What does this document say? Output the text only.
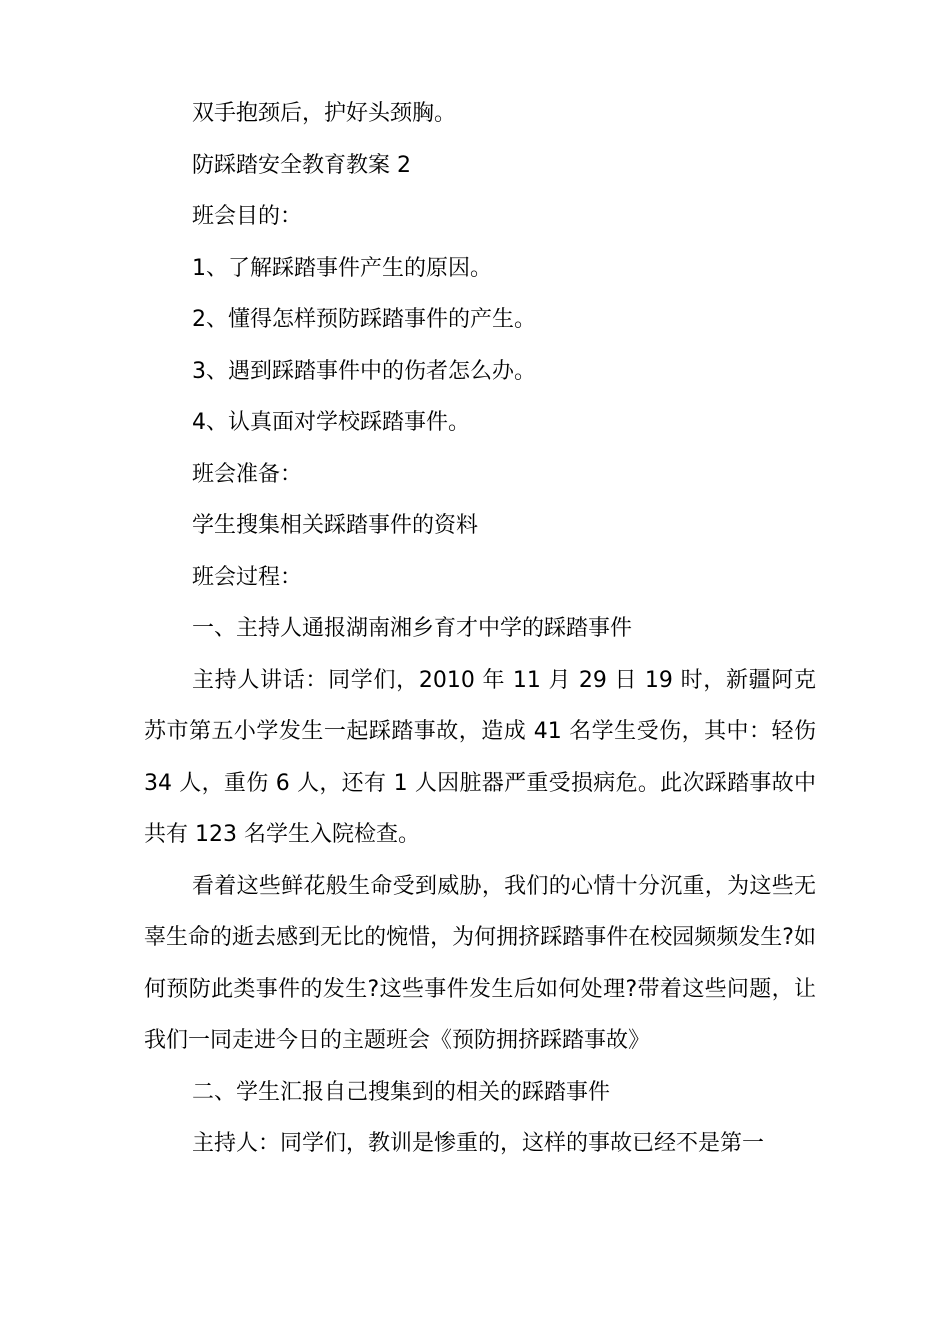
双手抱颈后，护好头颈胸。

防踩踏安全教育教案 2

班会目的：

1、了解踩踏事件产生的原因。

2、懂得怎样预防踩踏事件的产生。

3、遇到踩踏事件中的伤者怎么办。

4、认真面对学校踩踏事件。

班会准备：

学生搜集相关踩踏事件的资料

班会过程：

一、主持人通报湖南湘乡育才中学的踩踏事件

主持人讲话：同学们，2010 年 11 月 29 日 19 时，新疆阿克苏市第五小学发生一起踩踏事故，造成 41 名学生受伤，其中：轻伤 34 人，重伤 6 人，还有 1 人因脏器严重受损病危。此次踩踏事故中共有 123 名学生入院检查。

看着这些鲜花般生命受到威胁，我们的心情十分沉重，为这些无辜生命的逝去感到无比的惋惜，为何拥挤踩踏事件在校园频频发生?如何预防此类事件的发生?这些事件发生后如何处理?带着这些问题，让我们一同走进今日的主题班会《预防拥挤踩踏事故》

二、学生汇报自己搜集到的相关的踩踏事件

主持人：同学们，教训是惨重的，这样的事故已经不是第一
